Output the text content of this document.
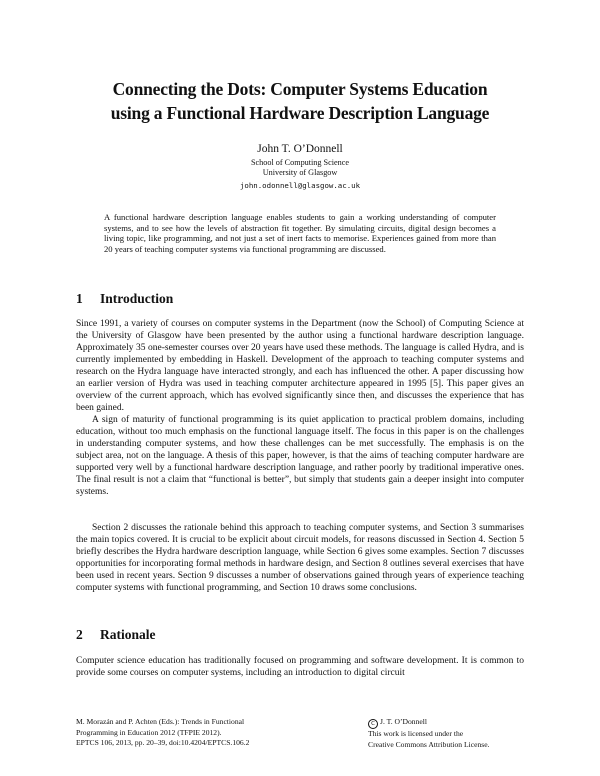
Connecting the Dots: Computer Systems Education
using a Functional Hardware Description Language
John T. O’Donnell
School of Computing Science
University of Glasgow
john.odonnell@glasgow.ac.uk
A functional hardware description language enables students to gain a working understanding of computer systems, and to see how the levels of abstraction fit together. By simulating circuits, digital design becomes a living topic, like programming, and not just a set of inert facts to memorise. Experiences gained from more than 20 years of teaching computer systems via functional programming are discussed.
1 Introduction

Since 1991, a variety of courses on computer systems in the Department (now the School) of Computing Science at the University of Glasgow have been presented by the author using a functional hardware description language. Approximately 35 one-semester courses over 20 years have used these methods. The language is called Hydra, and is currently implemented by embedding in Haskell. Development of the approach to teaching computer systems and research on the Hydra language have interacted strongly, and each has influenced the other. A paper discussing how an earlier version of Hydra was used in teaching computer architecture appeared in 1995 [5]. This paper gives an overview of the current approach, which has evolved significantly since then, and discusses the experience that has been gained.

A sign of maturity of functional programming is its quiet application to practical problem domains, including education, without too much emphasis on the functional language itself. The focus in this paper is on the challenges in understanding computer systems, and how these challenges can be met successfully. The emphasis is on the subject area, not on the language. A thesis of this paper, however, is that the aims of teaching computer hardware are supported very well by a functional hardware description language, and rather poorly by traditional imperative ones. The final result is not a claim that “functional is better”, but simply that students gain a deeper insight into computer systems.

Section 2 discusses the rationale behind this approach to teaching computer systems, and Section 3 summarises the main topics covered. It is crucial to be explicit about circuit models, for reasons discussed in Section 4. Section 5 briefly describes the Hydra hardware description language, while Section 6 gives some examples. Section 7 discusses opportunities for incorporating formal methods in hardware design, and Section 8 outlines several exercises that have been used in recent years. Section 9 discusses a number of observations gained through years of experience teaching computer systems with functional programming, and Section 10 draws some conclusions.

2 Rationale

Computer science education has traditionally focused on programming and software development. It is common to provide some courses on computer systems, including an introduction to digital circuit

M. Morazán and P. Achten (Eds.): Trends in Functional
Programming in Education 2012 (TFPIE 2012).
EPTCS 106, 2013, pp. 20–39, doi:10.4204/EPTCS.106.2
C J. T. O’Donnell
This work is licensed under the
Creative Commons Attribution License.
